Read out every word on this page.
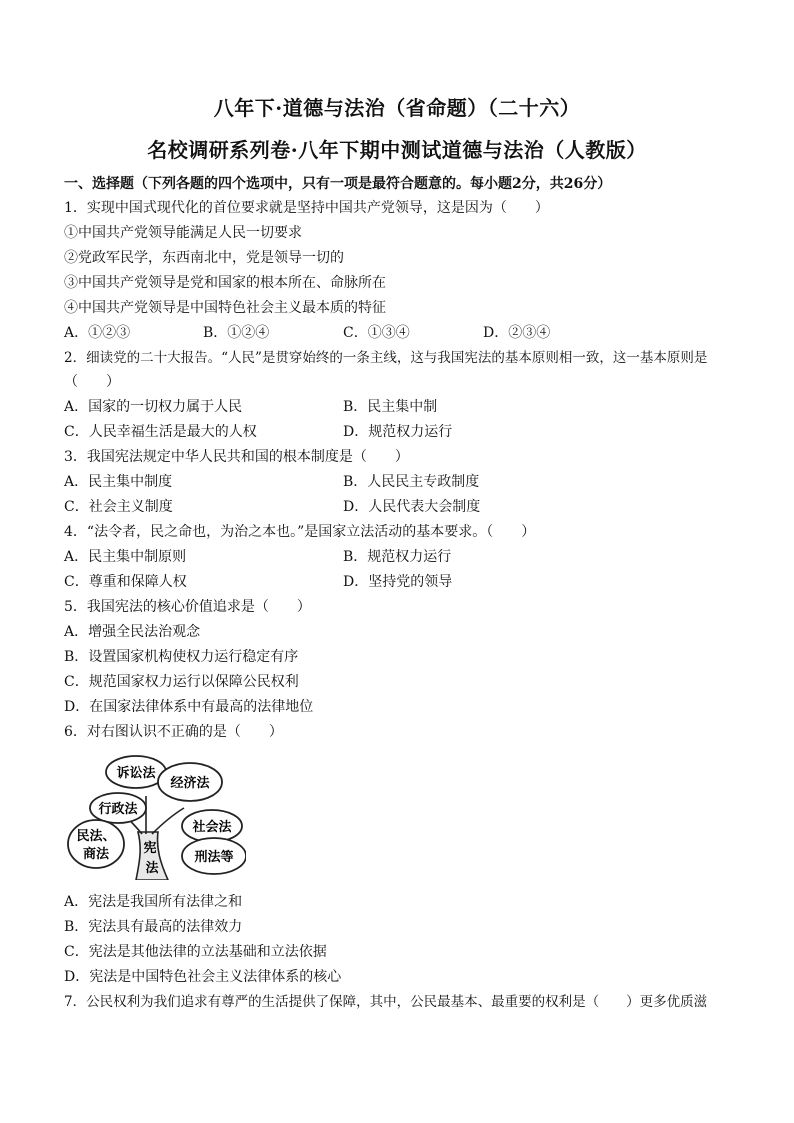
八年下·道德与法治（省命题）（二十六）
名校调研系列卷·八年下期中测试道德与法治（人教版）
一、选择题（下列各题的四个选项中，只有一项是最符合题意的。每小题2分，共26分）
1．实现中国式现代化的首位要求就是坚持中国共产党领导，这是因为（　　）
①中国共产党领导能满足人民一切要求
②党政军民学，东西南北中，党是领导一切的
③中国共产党领导是党和国家的根本所在、命脉所在
④中国共产党领导是中国特色社会主义最本质的特征
A．①②③	B．①②④	C．①③④	D．②③④
2．细读党的二十大报告。“人民”是贯穿始终的一条主线，这与我国宪法的基本原则相一致，这一基本原则是
（　　）
A．国家的一切权力属于人民	B．民主集中制
C．人民幸福生活是最大的人权	D．规范权力运行
3．我国宪法规定中华人民共和国的根本制度是（　　）
A．民主集中制度	B．人民民主专政制度
C．社会主义制度	D．人民代表大会制度
4．“法令者，民之命也，为治之本也。”是国家立法活动的基本要求。（　　）
A．民主集中制原则	B．规范权力运行
C．尊重和保障人权	D．坚持党的领导
5．我国宪法的核心价值追求是（　　）
A．增强全民法治观念
B．设置国家机构使权力运行稳定有序
C．规范国家权力运行以保障公民权利
D．在国家法律体系中有最高的法律地位
6．对右图认识不正确的是（　　）
诉讼法
经济法
行政法
社会法
民法、
商法	刑法等
宪
法
A．宪法是我国所有法律之和
B．宪法具有最高的法律效力
C．宪法是其他法律的立法基础和立法依据
D．宪法是中国特色社会主义法律体系的核心
7．公民权利为我们追求有尊严的生活提供了保障，其中，公民最基本、最重要的权利是（　　）更多优质滋
